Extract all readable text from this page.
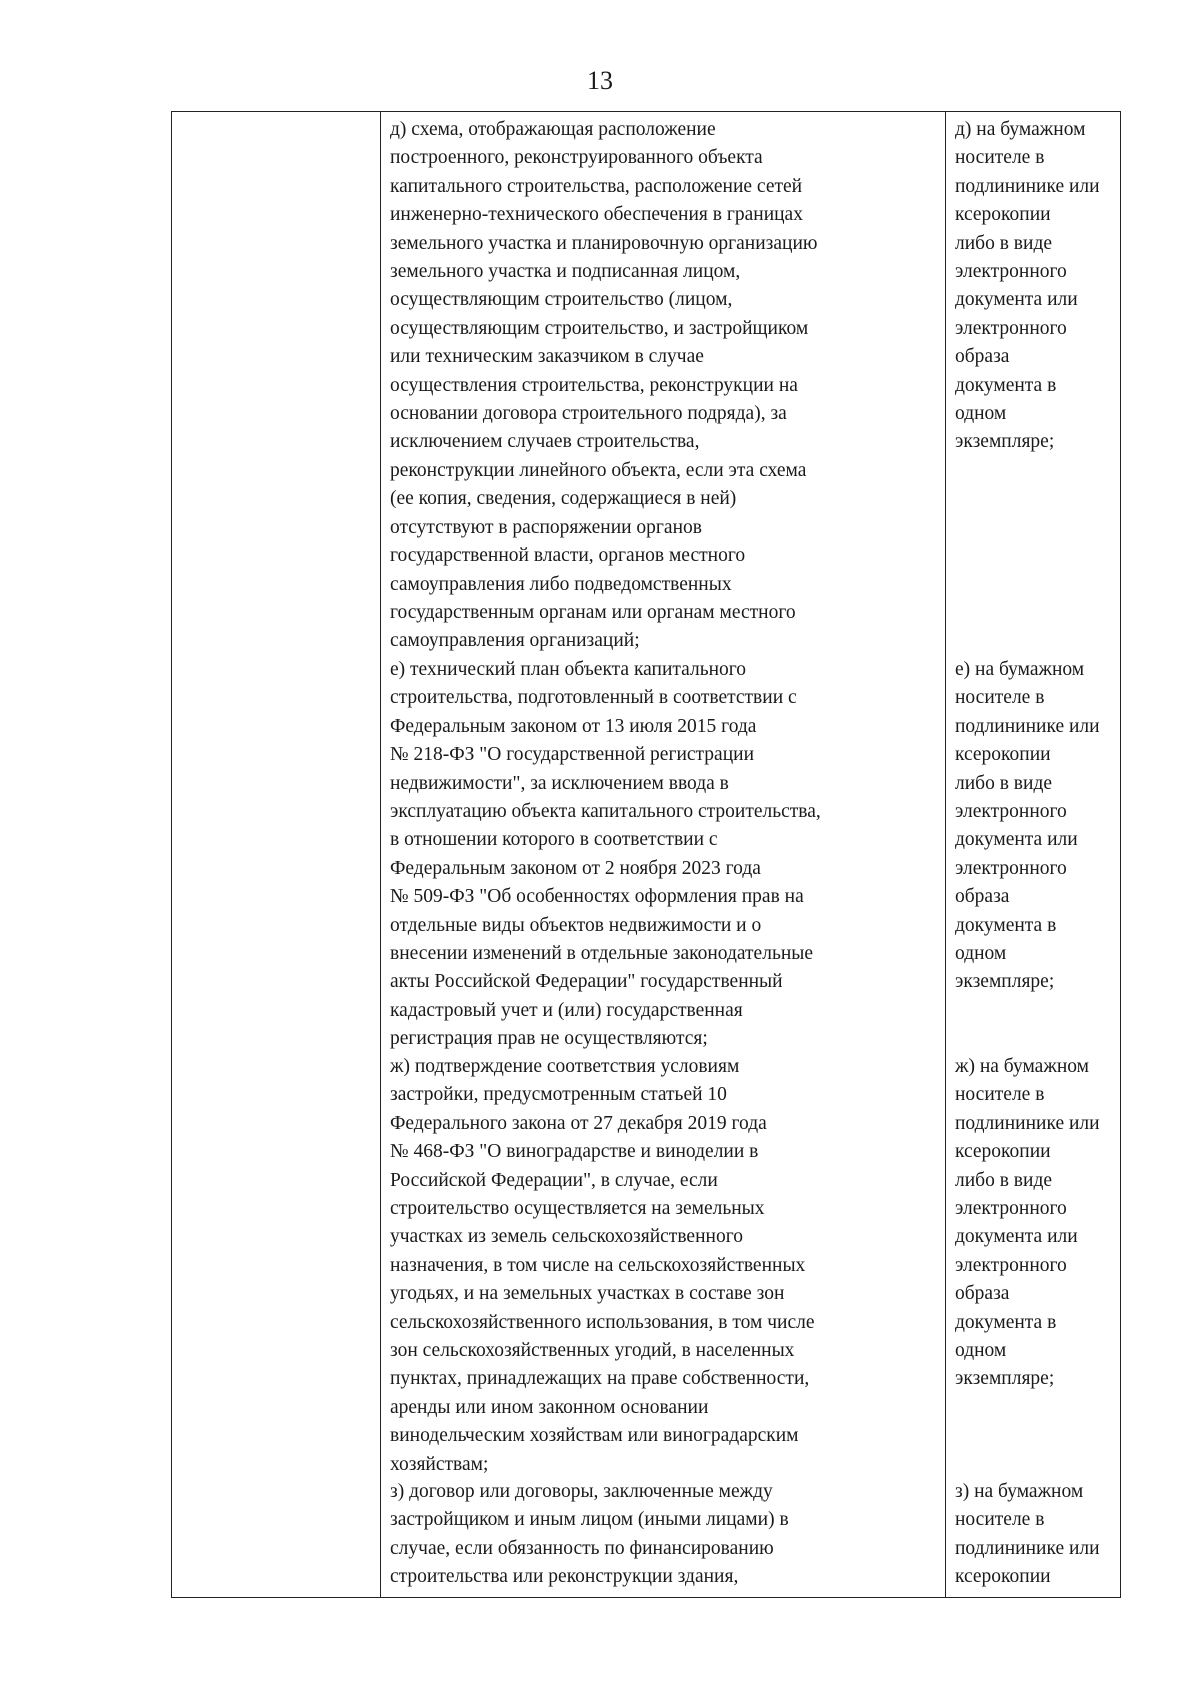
13
д) схема, отображающая расположение
построенного, реконструированного объекта
капитального строительства, расположение сетей
инженерно-технического обеспечения в границах
земельного участка и планировочную организацию
земельного участка и подписанная лицом,
осуществляющим строительство (лицом,
осуществляющим строительство, и застройщиком
или техническим заказчиком в случае
осуществления строительства, реконструкции на
основании договора строительного подряда), за
исключением случаев строительства,
реконструкции линейного объекта, если эта схема
(ее копия, сведения, содержащиеся в ней)
отсутствуют в распоряжении органов
государственной власти, органов местного
самоуправления либо подведомственных
государственным органам или органам местного
самоуправления организаций;
д) на бумажном
носителе в
подлининике или
ксерокопии
либо в виде
электронного
документа или
электронного
образа
документа в
одном
экземпляре;
е) технический план объекта капитального
строительства, подготовленный в соответствии с
Федеральным законом от 13 июля 2015 года
№ 218-ФЗ "О государственной регистрации
недвижимости", за исключением ввода в
эксплуатацию объекта капитального строительства,
в отношении которого в соответствии с
Федеральным законом от 2 ноября 2023 года
№ 509-ФЗ "Об особенностях оформления прав на
отдельные виды объектов недвижимости и о
внесении изменений в отдельные законодательные
акты Российской Федерации" государственный
кадастровый учет и (или) государственная
регистрация прав не осуществляются;
е) на бумажном
носителе в
подлининике или
ксерокопии
либо в виде
электронного
документа или
электронного
образа
документа в
одном
экземпляре;
ж) подтверждение соответствия условиям
застройки, предусмотренным статьей 10
Федерального закона от 27 декабря 2019 года
№ 468-ФЗ "О виноградарстве и виноделии в
Российской Федерации", в случае, если
строительство осуществляется на земельных
участках из земель сельскохозяйственного
назначения, в том числе на сельскохозяйственных
угодьях, и на земельных участках в составе зон
сельскохозяйственного использования, в том числе
зон сельскохозяйственных угодий, в населенных
пунктах, принадлежащих на праве собственности,
аренды или ином законном основании
винодельческим хозяйствам или виноградарским
хозяйствам;
ж) на бумажном
носителе в
подлининике или
ксерокопии
либо в виде
электронного
документа или
электронного
образа
документа в
одном
экземпляре;
з) договор или договоры, заключенные между
застройщиком и иным лицом (иными лицами) в
случае, если обязанность по финансированию
строительства или реконструкции здания,
з) на бумажном
носителе в
подлининике или
ксерокопии
